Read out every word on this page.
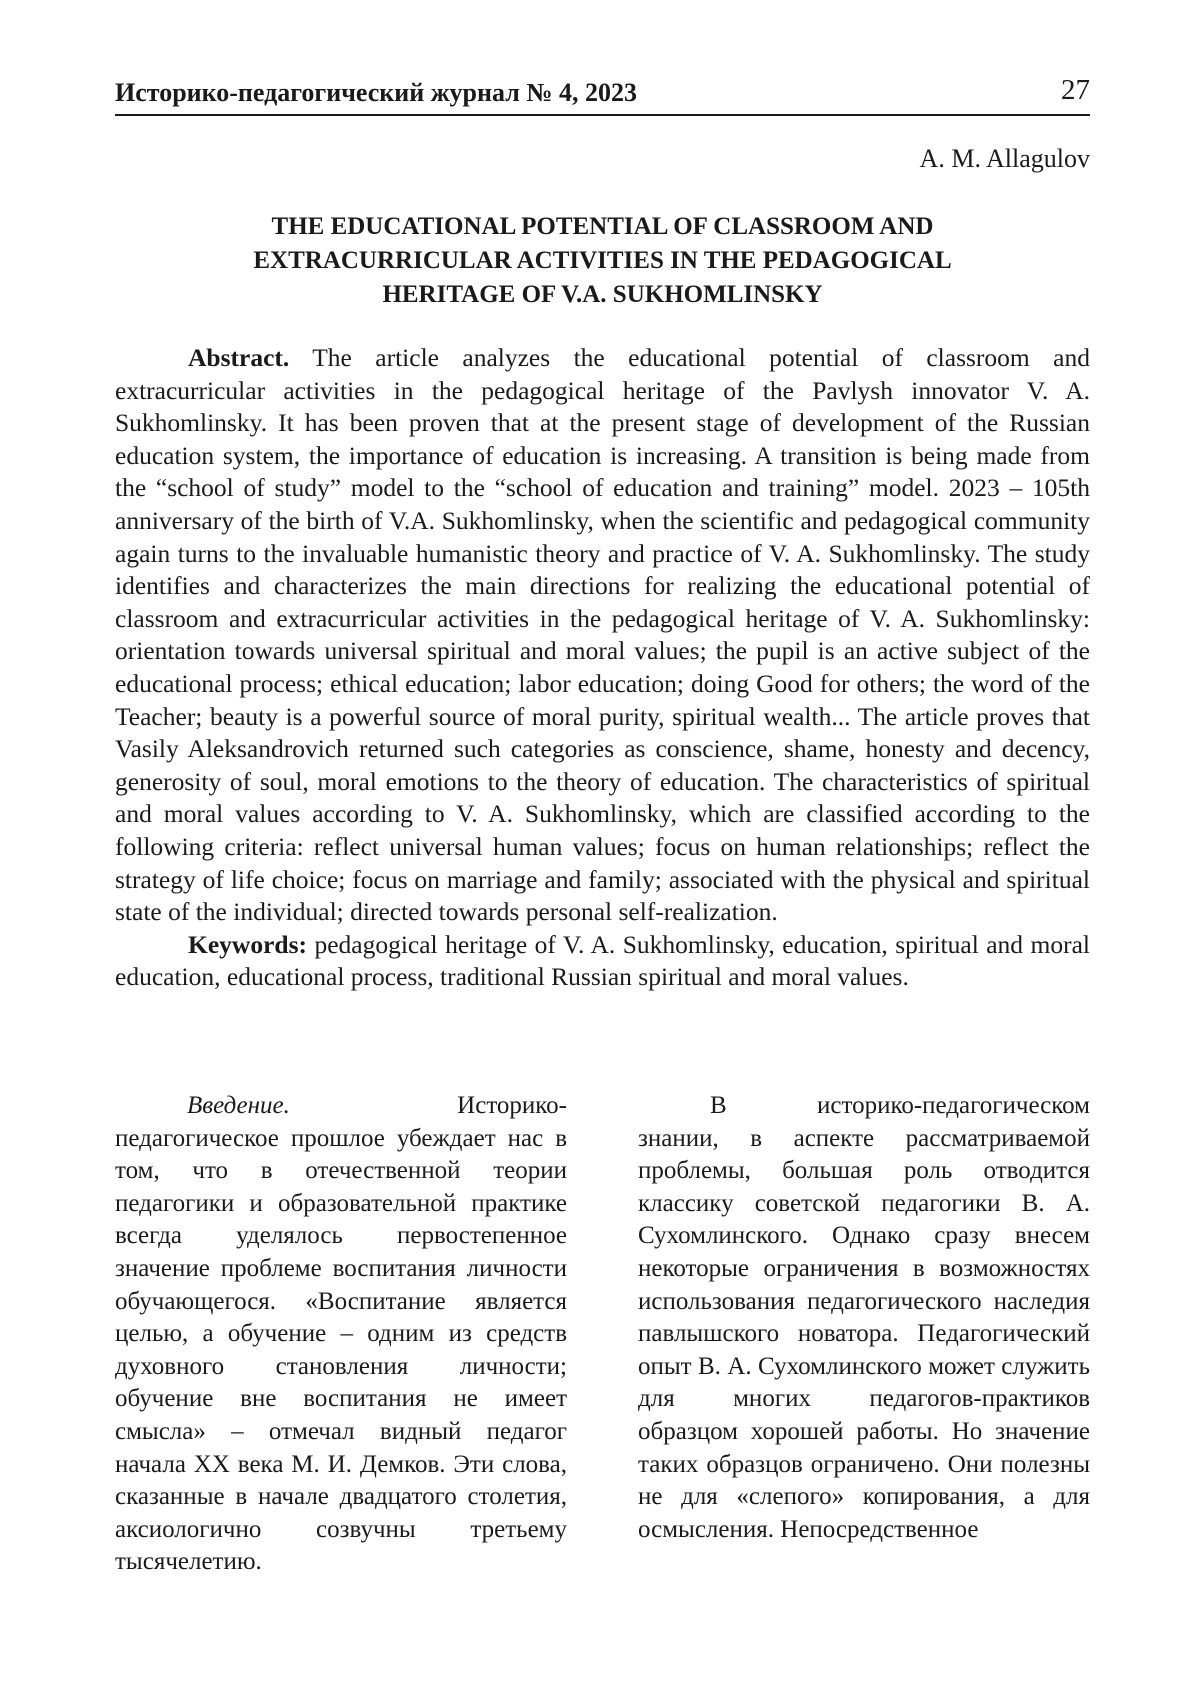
Историко-педагогический журнал № 4, 2023	27
A. M. Allagulov
THE EDUCATIONAL POTENTIAL OF CLASSROOM AND
EXTRACURRICULAR ACTIVITIES IN THE PEDAGOGICAL
HERITAGE OF V.A. SUKHOMLINSKY

Abstract. The article analyzes the educational potential of classroom and extracurricular activities in the pedagogical heritage of the Pavlysh innovator V. A. Sukhomlinsky. It has been proven that at the present stage of development of the Russian education system, the importance of education is increasing. A transition is being made from the “school of study” model to the “school of education and training” model. 2023 – 105th anniversary of the birth of V.A. Sukhomlinsky, when the scientific and pedagogical community again turns to the invaluable humanistic theory and practice of V. A. Sukhomlinsky. The study identifies and characterizes the main directions for realizing the educational potential of classroom and extracurricular activities in the pedagogical heritage of V. A. Sukhomlinsky: orientation towards universal spiritual and moral values; the pupil is an active subject of the educational process; ethical education; labor education; doing Good for others; the word of the Teacher; beauty is a powerful source of moral purity, spiritual wealth... The article proves that Vasily Aleksandrovich returned such categories as conscience, shame, honesty and decency, generosity of soul, moral emotions to the theory of education. The characteristics of spiritual and moral values according to V. A. Sukhomlinsky, which are classified according to the following criteria: reflect universal human values; focus on human relationships; reflect the strategy of life choice; focus on marriage and family; associated with the physical and spiritual state of the individual; directed towards personal self-realization.

Keywords: pedagogical heritage of V. A. Sukhomlinsky, education, spiritual and moral education, educational process, traditional Russian spiritual and moral values.

Введение. Историко-педагогическое прошлое убеждает нас в том, что в отечественной теории педагогики и образовательной практике всегда уделялось первостепенное значение проблеме воспитания личности обучающегося. «Воспитание является целью, а обучение – одним из средств духовного становления личности; обучение вне воспитания не имеет смысла» – отмечал видный педагог начала XX века М. И. Демков. Эти слова, сказанные в начале двадцатого столетия, аксиологично созвучны третьему тысячелетию.

В историко-педагогическом знании, в аспекте рассматриваемой проблемы, большая роль отводится классику советской педагогики В. А. Сухомлинского. Однако сразу внесем некоторые ограничения в возможностях использования педагогического наследия павлышского новатора. Педагогический опыт В. А. Сухомлинского может служить для многих педагогов-практиков образцом хорошей работы. Но значение таких образцов ограничено. Они полезны не для «слепого» копирования, а для осмысления. Непосредственное
